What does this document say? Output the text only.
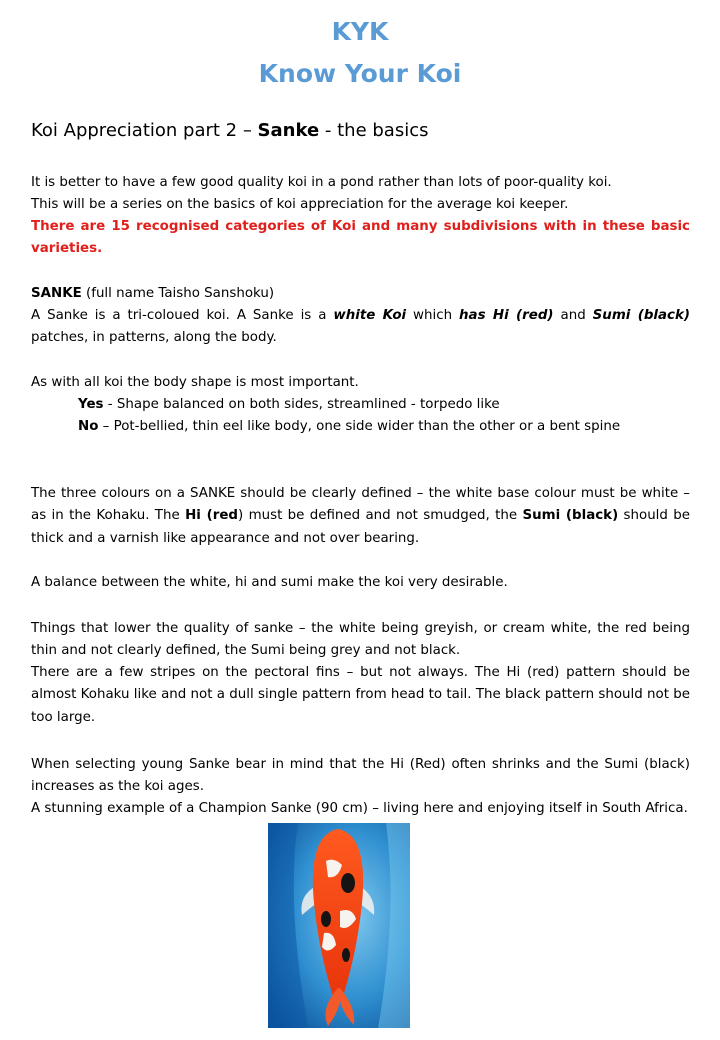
KYK
Know Your Koi

Koi Appreciation part 2 – Sanke - the basics

It is better to have a few good quality koi in a pond rather than lots of poor-quality koi.

This will be a series on the basics of koi appreciation for the average koi keeper.

There are 15 recognised categories of Koi and many subdivisions with in these basic varieties.

SANKE (full name Taisho Sanshoku)

A Sanke is a tri-coloued koi. A Sanke is a white Koi which has Hi (red) and Sumi (black) patches, in patterns, along the body.

As with all koi the body shape is most important.

Yes - Shape balanced on both sides, streamlined - torpedo like

No – Pot-bellied, thin eel like body, one side wider than the other or a bent spine

The three colours on a SANKE should be clearly defined – the white base colour must be white – as in the Kohaku. The Hi (red) must be defined and not smudged, the Sumi (black) should be thick and a varnish like appearance and not over bearing.

A balance between the white, hi and sumi make the koi very desirable.

Things that lower the quality of sanke – the white being greyish, or cream white, the red being thin and not clearly defined, the Sumi being grey and not black.

There are a few stripes on the pectoral fins – but not always. The Hi (red) pattern should be almost Kohaku like and not a dull single pattern from head to tail. The black pattern should not be too large.

When selecting young Sanke bear in mind that the Hi (Red) often shrinks and the Sumi (black) increases as the koi ages.

A stunning example of a Champion Sanke (90 cm) – living here and enjoying itself in South Africa.
